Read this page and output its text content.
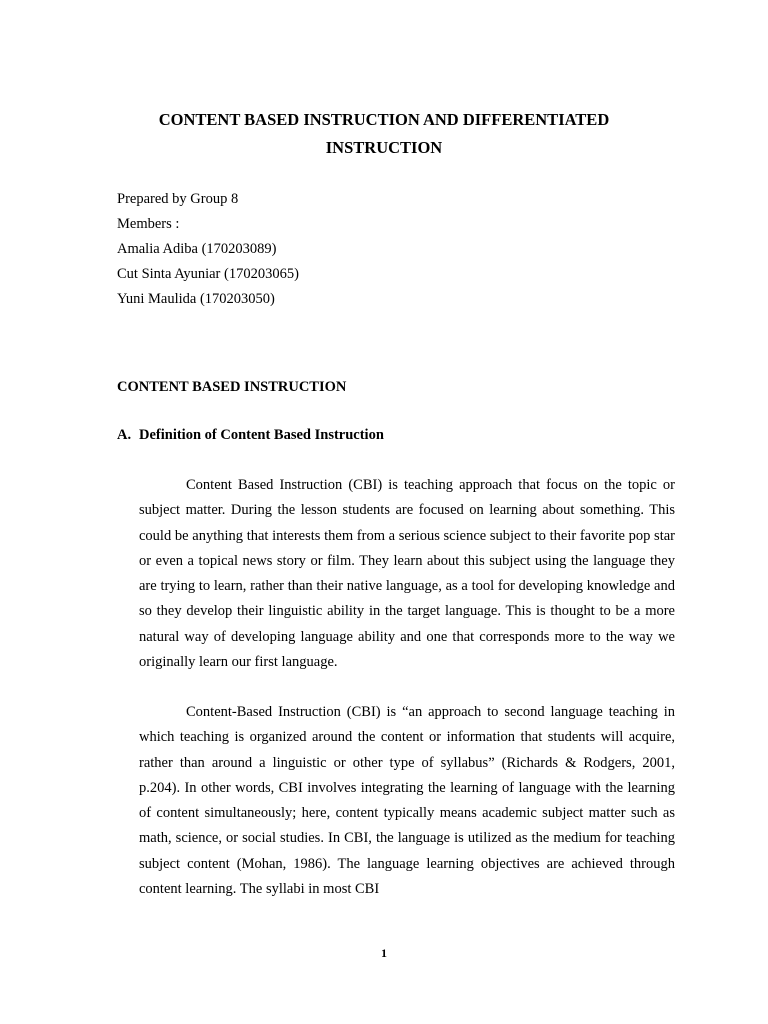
CONTENT BASED INSTRUCTION AND DIFFERENTIATED INSTRUCTION
Prepared by Group 8
Members :
Amalia Adiba (170203089)
Cut Sinta Ayuniar (170203065)
Yuni Maulida (170203050)
CONTENT BASED INSTRUCTION
A. Definition of Content Based Instruction

Content Based Instruction (CBI) is teaching approach that focus on the topic or subject matter. During the lesson students are focused on learning about something. This could be anything that interests them from a serious science subject to their favorite pop star or even a topical news story or film. They learn about this subject using the language they are trying to learn, rather than their native language, as a tool for developing knowledge and so they develop their linguistic ability in the target language. This is thought to be a more natural way of developing language ability and one that corresponds more to the way we originally learn our first language.

Content-Based Instruction (CBI) is “an approach to second language teaching in which teaching is organized around the content or information that students will acquire, rather than around a linguistic or other type of syllabus” (Richards & Rodgers, 2001, p.204). In other words, CBI involves integrating the learning of language with the learning of content simultaneously; here, content typically means academic subject matter such as math, science, or social studies. In CBI, the language is utilized as the medium for teaching subject content (Mohan, 1986). The language learning objectives are achieved through content learning. The syllabi in most CBI

1
